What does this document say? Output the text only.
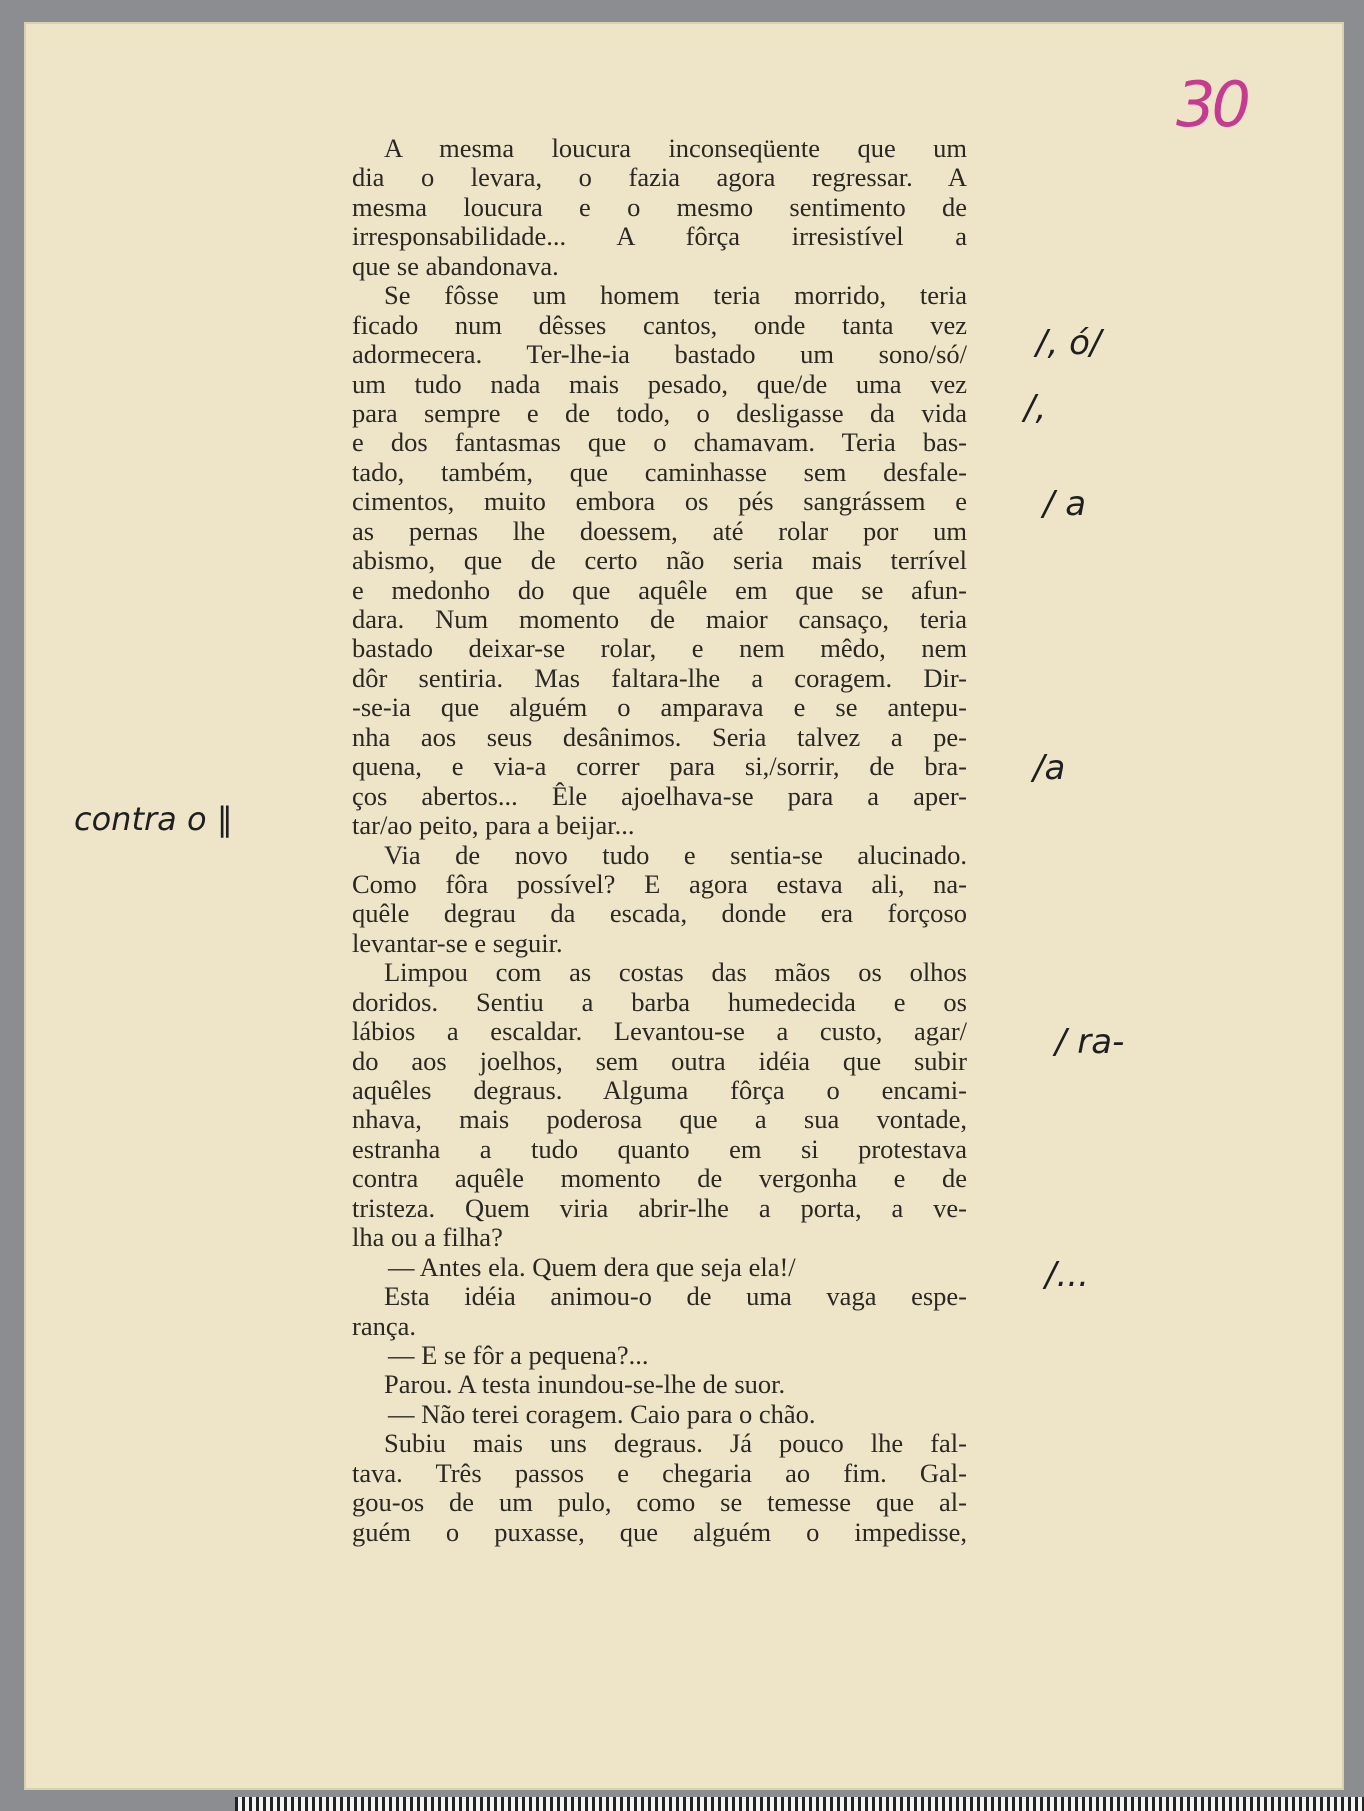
30
A mesma loucura inconseqüente que um
dia o levara, o fazia agora regressar. A
mesma loucura e o mesmo sentimento de
irresponsabilidade... A fôrça irresistível a
que se abandonava.
Se fôsse um homem teria morrido, teria
ficado num dêsses cantos, onde tanta vez
adormecera. Ter-lhe-ia bastado um sono/só/
um tudo nada mais pesado, que/de uma vez
para sempre e de todo, o desligasse da vida
e dos fantasmas que o chamavam. Teria bas-
tado, também, que caminhasse sem desfale-
cimentos, muito embora os pés sangrássem e
as pernas lhe doessem, até rolar por um
abismo, que de certo não seria mais terrível
e medonho do que aquêle em que se afun-
dara. Num momento de maior cansaço, teria
bastado deixar-se rolar, e nem mêdo, nem
dôr sentiria. Mas faltara-lhe a coragem. Dir-
-se-ia que alguém o amparava e se antepu-
nha aos seus desânimos. Seria talvez a pe-
quena, e via-a correr para si,/sorrir, de bra-
ços abertos... Êle ajoelhava-se para a aper-
tar/ao peito, para a beijar...
Via de novo tudo e sentia-se alucinado.
Como fôra possível? E agora estava ali, na-
quêle degrau da escada, donde era forçoso
levantar-se e seguir.
Limpou com as costas das mãos os olhos
doridos. Sentiu a barba humedecida e os
lábios a escaldar. Levantou-se a custo, agar/
do aos joelhos, sem outra idéia que subir
aquêles degraus. Alguma fôrça o encami-
nhava, mais poderosa que a sua vontade,
estranha a tudo quanto em si protestava
contra aquêle momento de vergonha e de
tristeza. Quem viria abrir-lhe a porta, a ve-
lha ou a filha?
— Antes ela. Quem dera que seja ela!/
Esta idéia animou-o de uma vaga espe-
rança.
— E se fôr a pequena?...
Parou. A testa inundou-se-lhe de suor.
— Não terei coragem. Caio para o chão.
Subiu mais uns degraus. Já pouco lhe fal-
tava. Três passos e chegaria ao fim. Gal-
gou-os de um pulo, como se temesse que al-
guém o puxasse, que alguém o impedisse,
contra o ‖
/, ó/
/,
/ a
/a
/ ra-
/...
